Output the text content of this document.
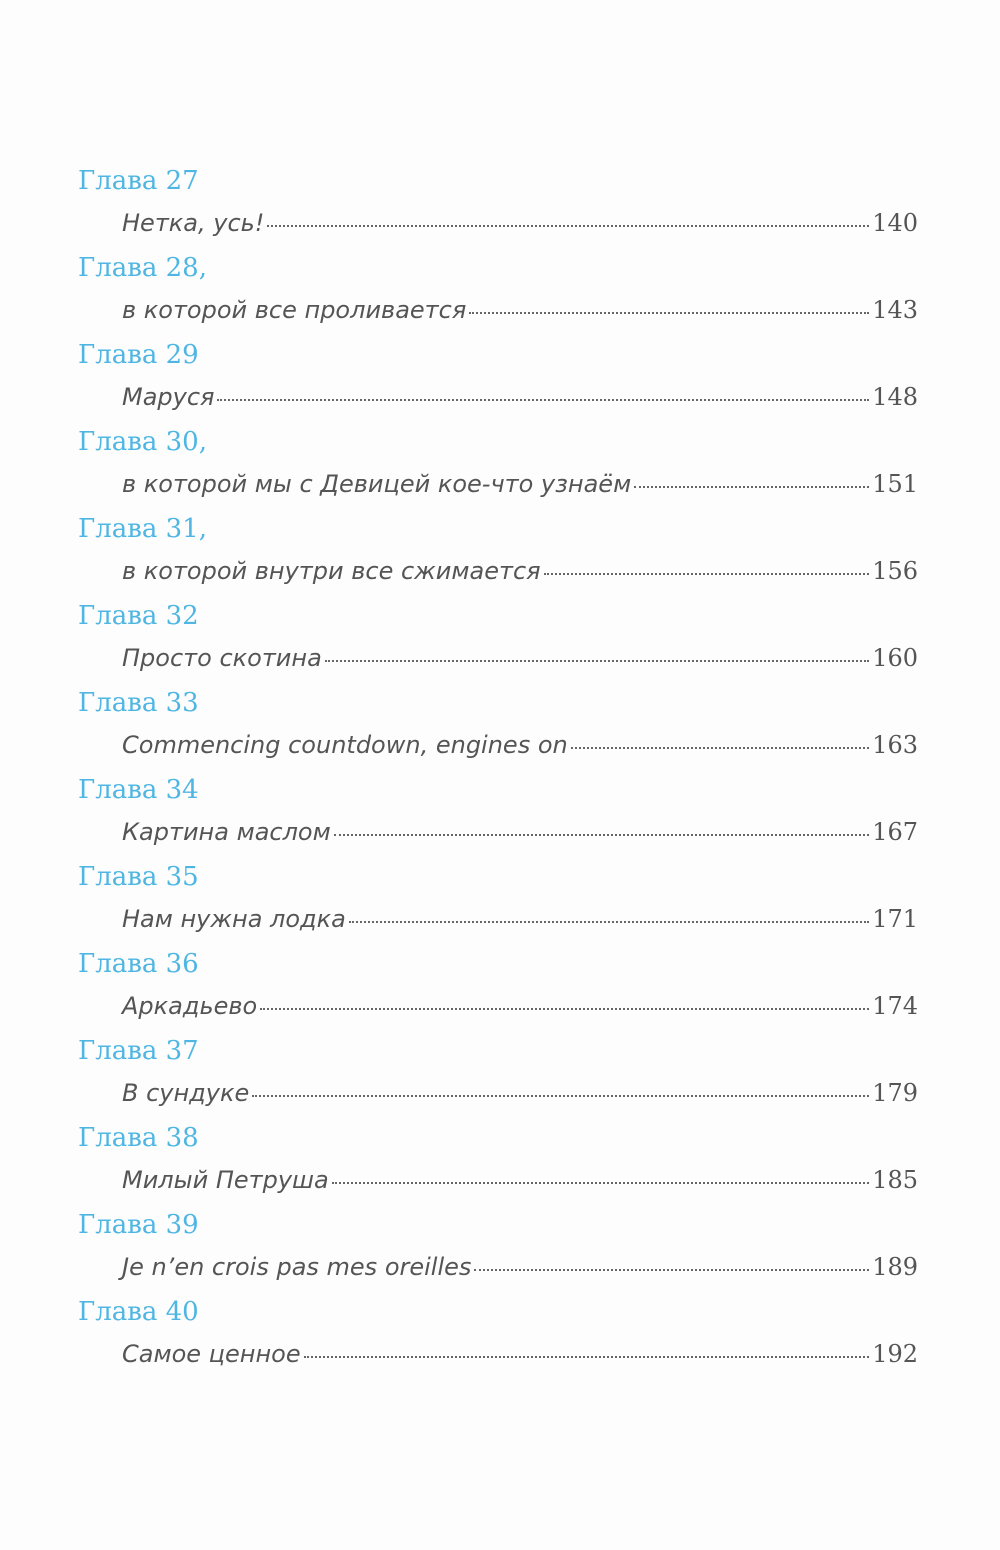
Глава 27
Нетка, усь!	140
Глава 28,
в которой все проливается	143
Глава 29
Маруся	148
Глава 30,
в которой мы с Девицей кое-что узнаём	151
Глава 31,
в которой внутри все сжимается	156
Глава 32
Просто скотина	160
Глава 33
Commencing countdown, engines on	163
Глава 34
Картина маслом	167
Глава 35
Нам нужна лодка	171
Глава 36
Аркадьево	174
Глава 37
В сундуке	179
Глава 38
Милый Петруша	185
Глава 39
Je n’en crois pas mes oreilles	189
Глава 40
Самое ценное	192
